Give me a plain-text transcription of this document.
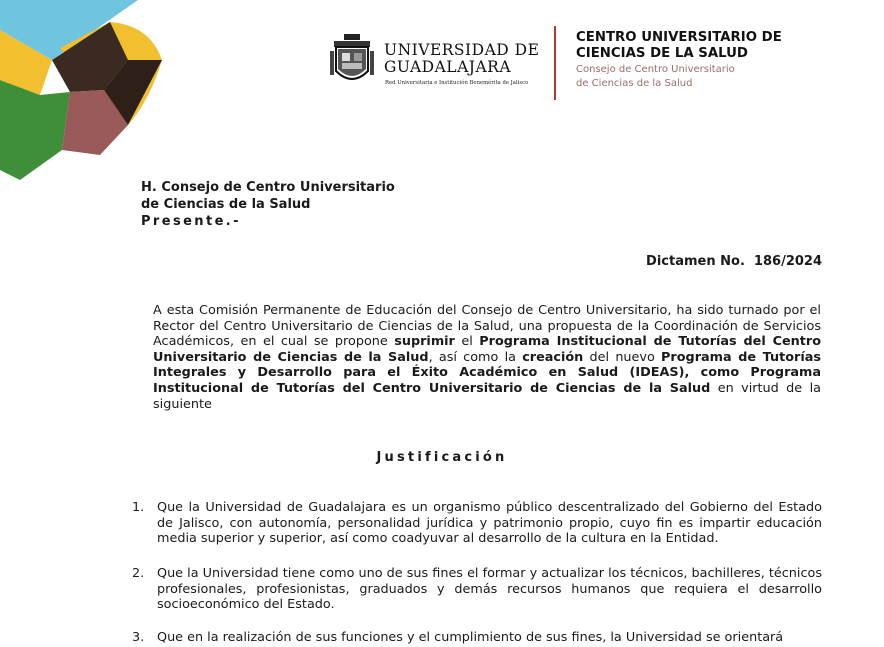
UNIVERSIDAD DE
GUADALAJARA
Red Universitaria e Institución Benemérita de Jalisco
CENTRO UNIVERSITARIO DE
CIENCIAS DE LA SALUD
Consejo de Centro Universitario
de Ciencias de la Salud
H. Consejo de Centro Universitario
de Ciencias de la Salud
Presente.-
Dictamen No.  186/2024
A esta Comisión Permanente de Educación del Consejo de Centro Universitario, ha sido turnado por el Rector del Centro Universitario de Ciencias de la Salud, una propuesta de la Coordinación de Servicios Académicos, en el cual se propone suprimir el Programa Institucional de Tutorías del Centro Universitario de Ciencias de la Salud, así como la creación del nuevo Programa de Tutorías Integrales y Desarrollo para el Éxito Académico en Salud (IDEAS), como Programa Institucional de Tutorías del Centro Universitario de Ciencias de la Salud en virtud de la siguiente
Justificación
1. Que la Universidad de Guadalajara es un organismo público descentralizado del Gobierno del Estado de Jalisco, con autonomía, personalidad jurídica y patrimonio propio, cuyo fin es impartir educación media superior y superior, así como coadyuvar al desarrollo de la cultura en la Entidad.
2. Que la Universidad tiene como uno de sus fines el formar y actualizar los técnicos, bachilleres, técnicos profesionales, profesionistas, graduados y demás recursos humanos que requiera el desarrollo socioeconómico del Estado.
3. Que en la realización de sus funciones y el cumplimiento de sus fines, la Universidad se orientará
